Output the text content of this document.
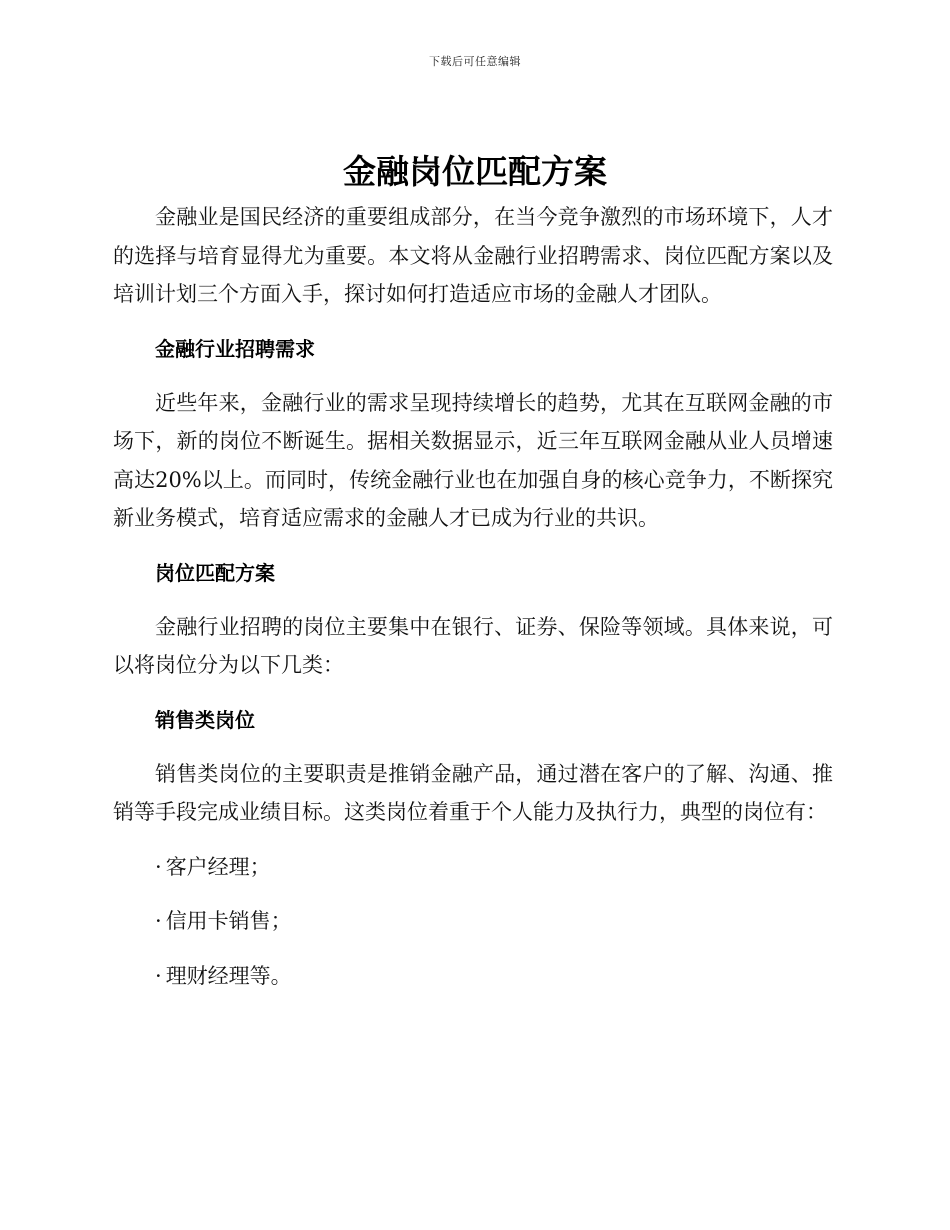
下载后可任意编辑
金融岗位匹配方案

金融业是国民经济的重要组成部分，在当今竞争激烈的市场环境下，人才的选择与培育显得尤为重要。本文将从金融行业招聘需求、岗位匹配方案以及培训计划三个方面入手，探讨如何打造适应市场的金融人才团队。

金融行业招聘需求

近些年来，金融行业的需求呈现持续增长的趋势，尤其在互联网金融的市场下，新的岗位不断诞生。据相关数据显示，近三年互联网金融从业人员增速高达20%以上。而同时，传统金融行业也在加强自身的核心竞争力，不断探究新业务模式，培育适应需求的金融人才已成为行业的共识。

岗位匹配方案

金融行业招聘的岗位主要集中在银行、证券、保险等领域。具体来说，可以将岗位分为以下几类：

销售类岗位

销售类岗位的主要职责是推销金融产品，通过潜在客户的了解、沟通、推销等手段完成业绩目标。这类岗位着重于个人能力及执行力，典型的岗位有：

· 客户经理；
· 信用卡销售；
· 理财经理等。
